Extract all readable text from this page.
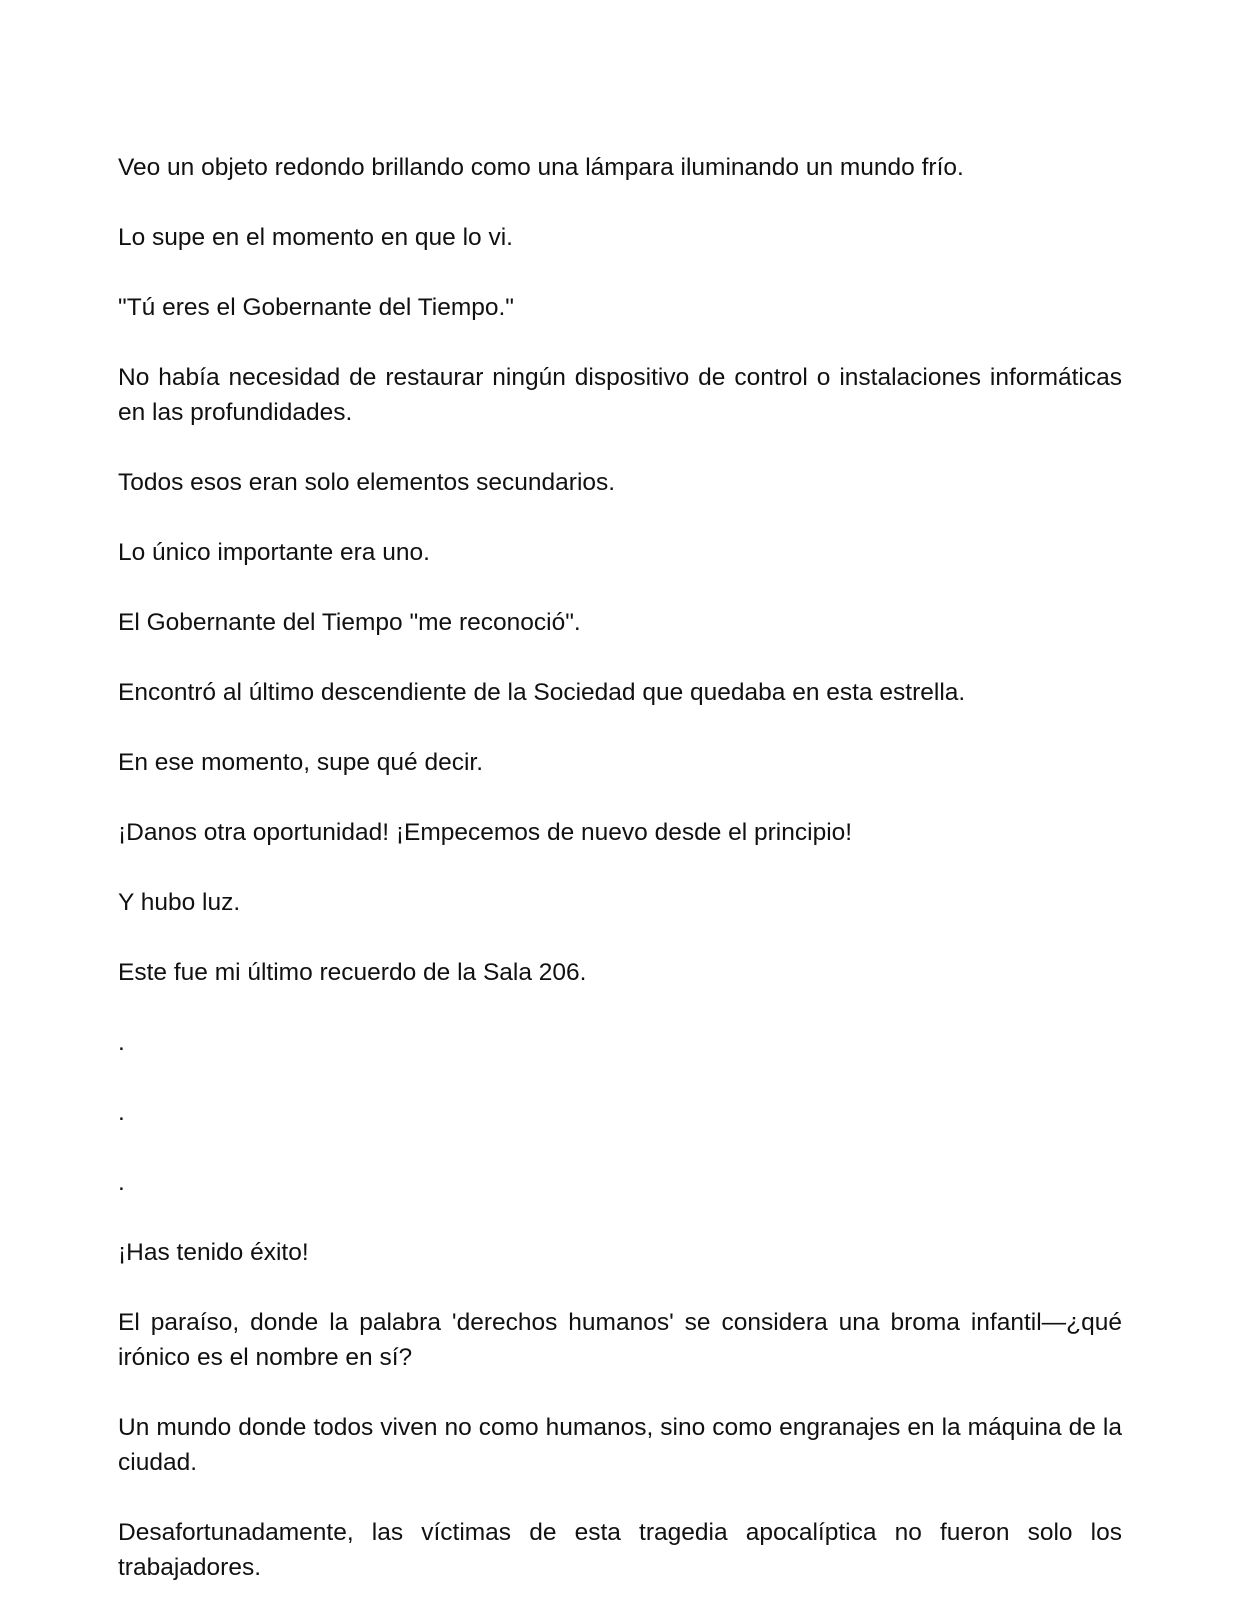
Veo un objeto redondo brillando como una lámpara iluminando un mundo frío.

Lo supe en el momento en que lo vi.

"Tú eres el Gobernante del Tiempo."

No había necesidad de restaurar ningún dispositivo de control o instalaciones informáticas en las profundidades.

Todos esos eran solo elementos secundarios.

Lo único importante era uno.

El Gobernante del Tiempo "me reconoció".

Encontró al último descendiente de la Sociedad que quedaba en esta estrella.

En ese momento, supe qué decir.

¡Danos otra oportunidad! ¡Empecemos de nuevo desde el principio!

Y hubo luz.

Este fue mi último recuerdo de la Sala 206.

.

.

.

¡Has tenido éxito!

El paraíso, donde la palabra 'derechos humanos' se considera una broma infantil—¿qué irónico es el nombre en sí?

Un mundo donde todos viven no como humanos, sino como engranajes en la máquina de la ciudad.

Desafortunadamente, las víctimas de esta tragedia apocalíptica no fueron solo los trabajadores.
